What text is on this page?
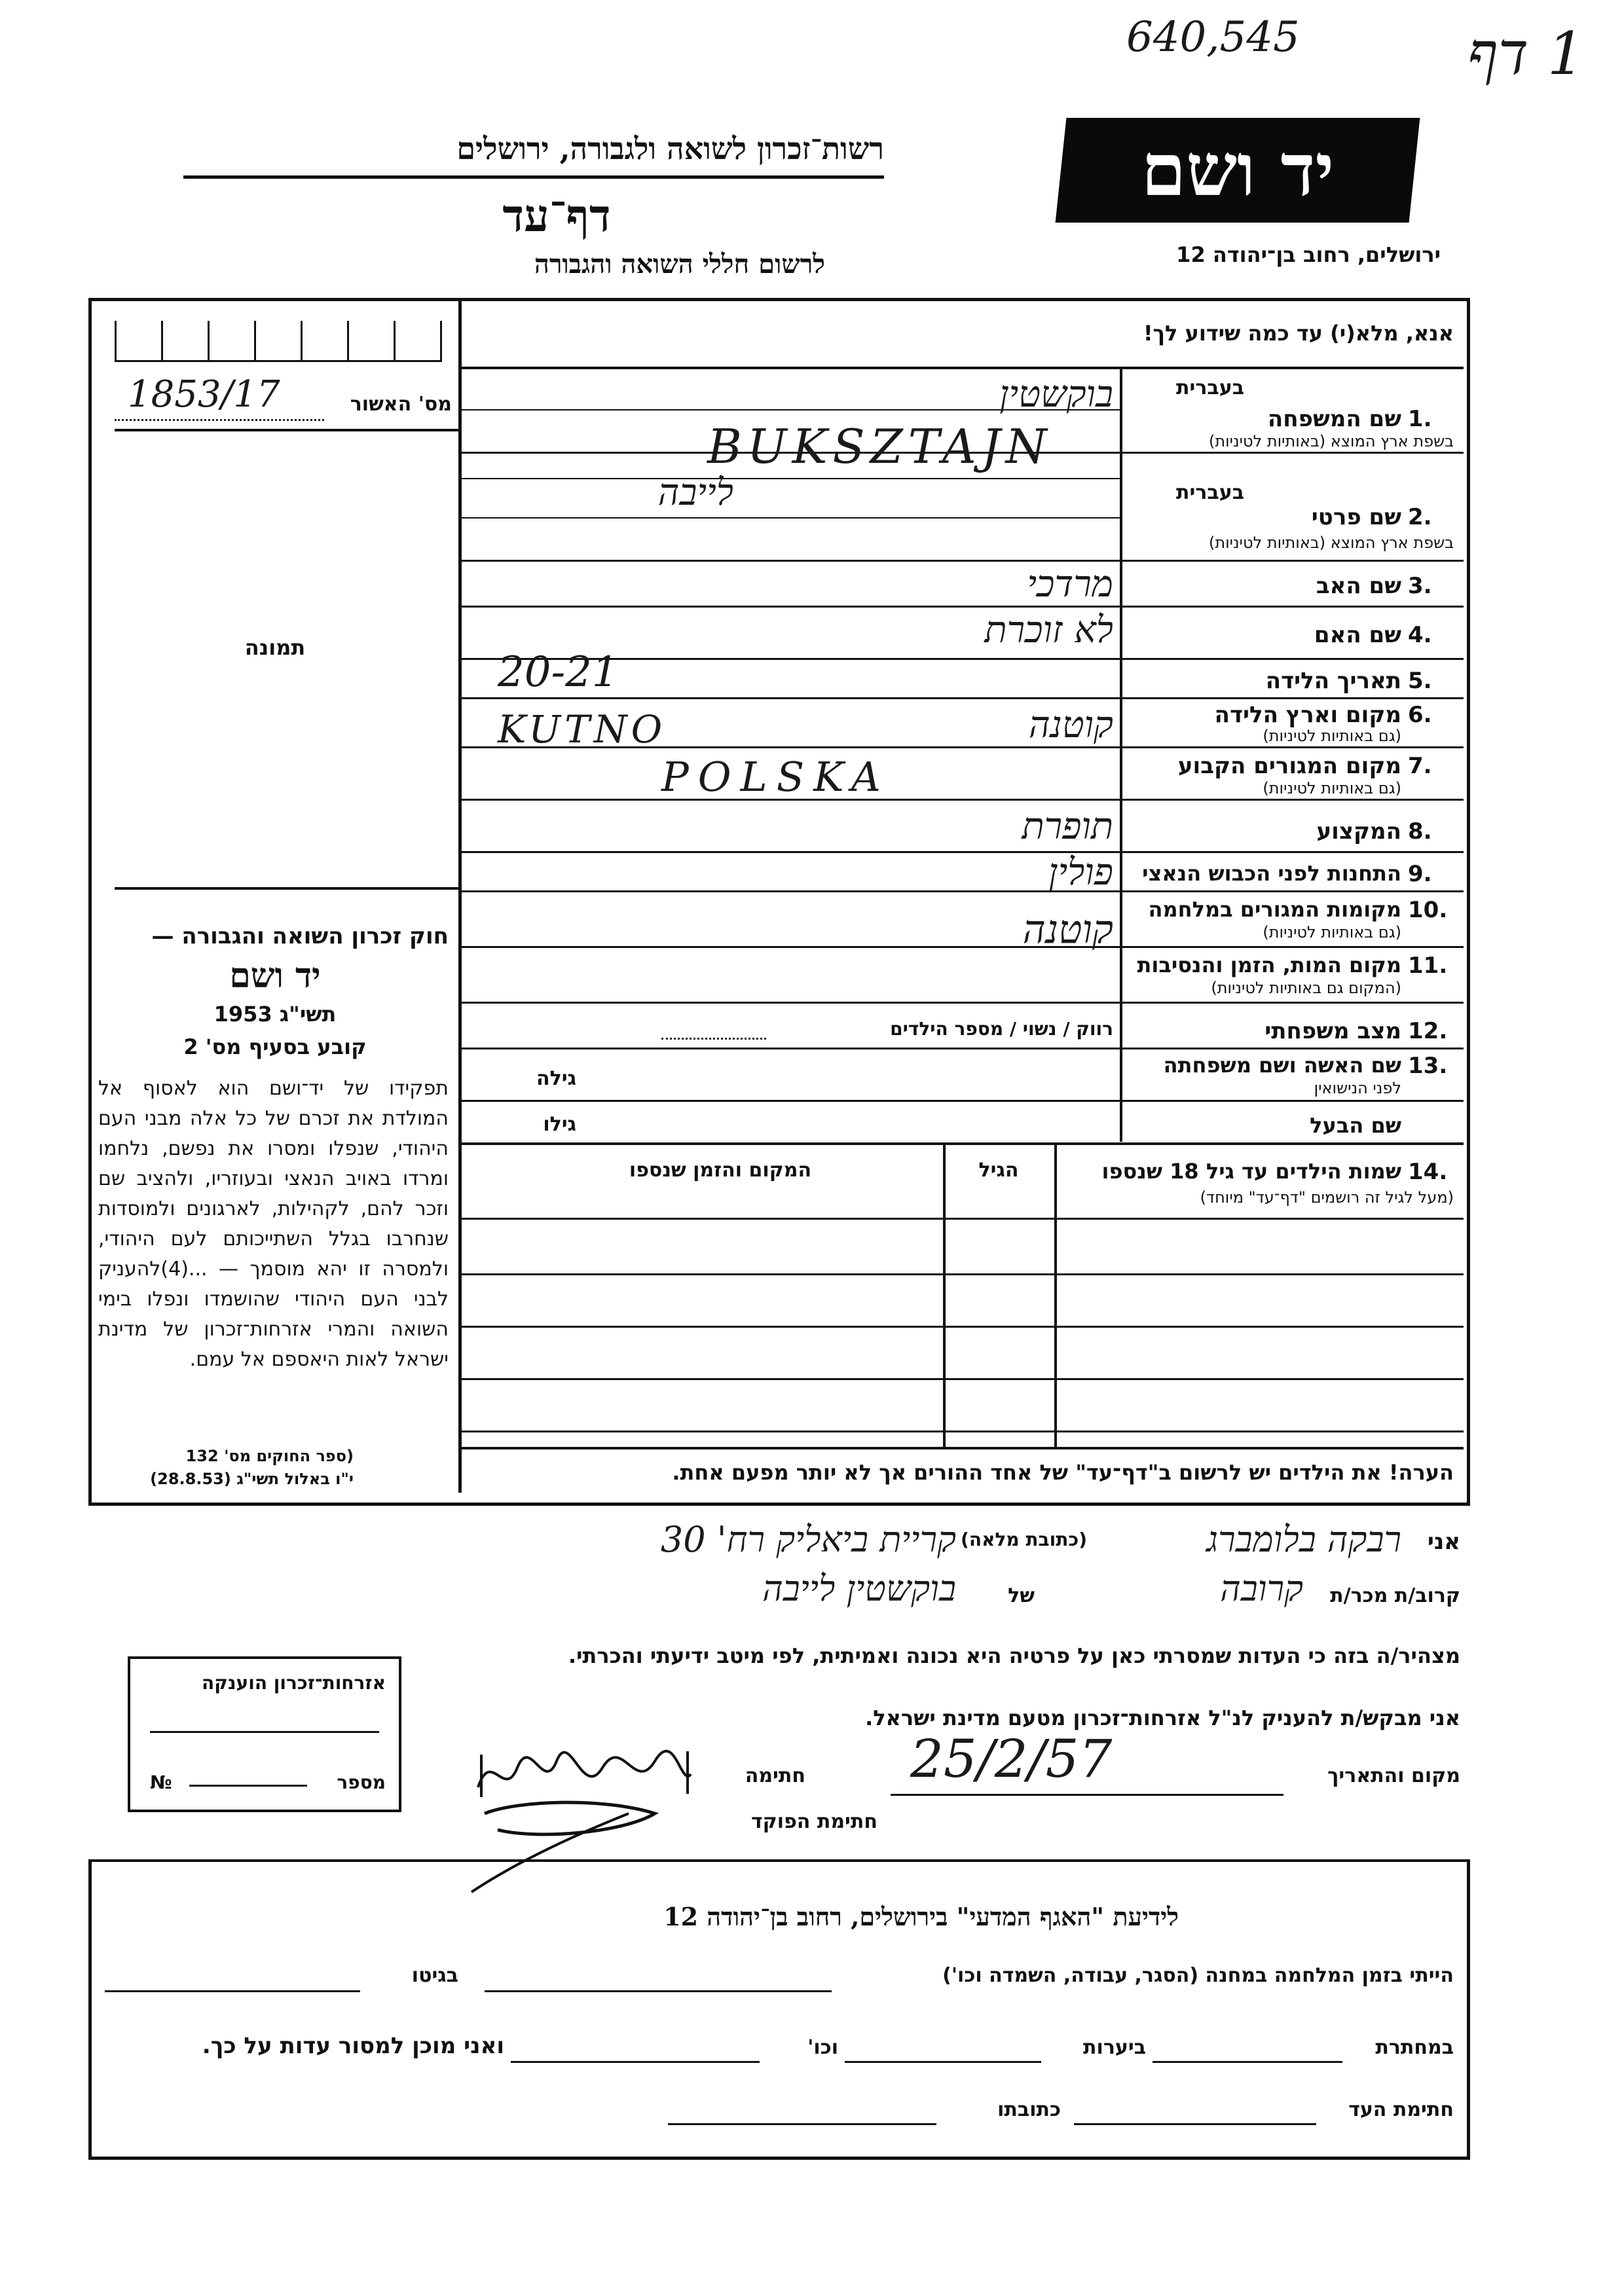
640,545	1 דף
רשות־זכרון לשואה ולגבורה, ירושלים
דף־עד
לרשום חללי השואה והגבורה
יד ושם
ירושלים, רחוב בן־יהודה 12
אנא, מלא(י) עד כמה שידוע לך!
מס' האשור
1853/17
תמונה
חוק זכרון השואה והגבורה —
יד ושם
תשי"ג 1953
קובע בסעיף מס' 2
תפקידו של יד־ושם הוא לאסוף אל המולדת את זכרם של כל אלה מבני העם היהודי, שנפלו ומסרו את נפשם, נלחמו ומרדו באויב הנאצי ובעוזריו, ולהציב שם וזכר להם, לקהילות, לארגונים ולמוסדות שנחרבו בגלל השתייכותם לעם היהודי, ולמסרה זו יהא מוסמך — ...(4)להעניק לבני העם היהודי שהושמדו ונפלו בימי השואה והמרי אזרחות־זכרון של מדינת ישראל לאות היאספם אל עמם.
(ספר החוקים מס' 132
י"ו באלול תשי"ג (28.8.53)
בעברית
שם המשפחה 1.
בשפת ארץ המוצא (באותיות לטיניות)
בוקשטין
BUKSZTAJN
בעברית
שם פרטי 2.
בשפת ארץ המוצא (באותיות לטיניות)
לייבה
שם האב 3.
מרדכי
שם האם 4.
לא זוכרת
תאריך הלידה 5.
20-21
מקום וארץ הלידה 6.
(גם באותיות לטיניות)
קוטנה
KUTNO
מקום המגורים הקבוע 7.
(גם באותיות לטיניות)
POLSKA
המקצוע 8.
תופרת
התחנות לפני הכבוש הנאצי 9.
פולין
מקומות המגורים במלחמה 10.
(גם באותיות לטיניות)
קוטנה
מקום המות, הזמן והנסיבות 11.
(המקום גם באותיות לטיניות)
מצב משפחתי 12.
רווק / נשוי / מספר הילדים
שם האשה ושם משפחתה 13.
לפני הנישואין
גילה
שם הבעל
גילו
שמות הילדים עד גיל 18 שנספו 14.
(מעל לגיל זה רושמים "דף־עד" מיוחד)
הגיל
המקום והזמן שנספו
הערה! את הילדים יש לרשום ב"דף־עד" של אחד ההורים אך לא יותר מפעם אחת.
אני
רבקה בלומברג
(כתובת מלאה)
קריית ביאליק רח' 30
קרוב/ת מכר/ת
קרובה
של
בוקשטין לייבה
מצהיר/ה בזה כי העדות שמסרתי כאן על פרטיה היא נכונה ואמיתית, לפי מיטב ידיעתי והכרתי.
אני מבקש/ת להעניק לנ"ל אזרחות־זכרון מטעם מדינת ישראל.
מקום והתאריך
25/2/57
חתימה
חתימת הפוקד
אזרחות־זכרון הוענקה
מספר
№
לידיעת "האגף המדעי" בירושלים, רחוב בן־יהודה 12
הייתי בזמן המלחמה במחנה (הסגר, עבודה, השמדה וכו')
בגיטו
במחתרת
ביערות
וכו'
ואני מוכן למסור עדות על כך.
חתימת העד
כתובתו
